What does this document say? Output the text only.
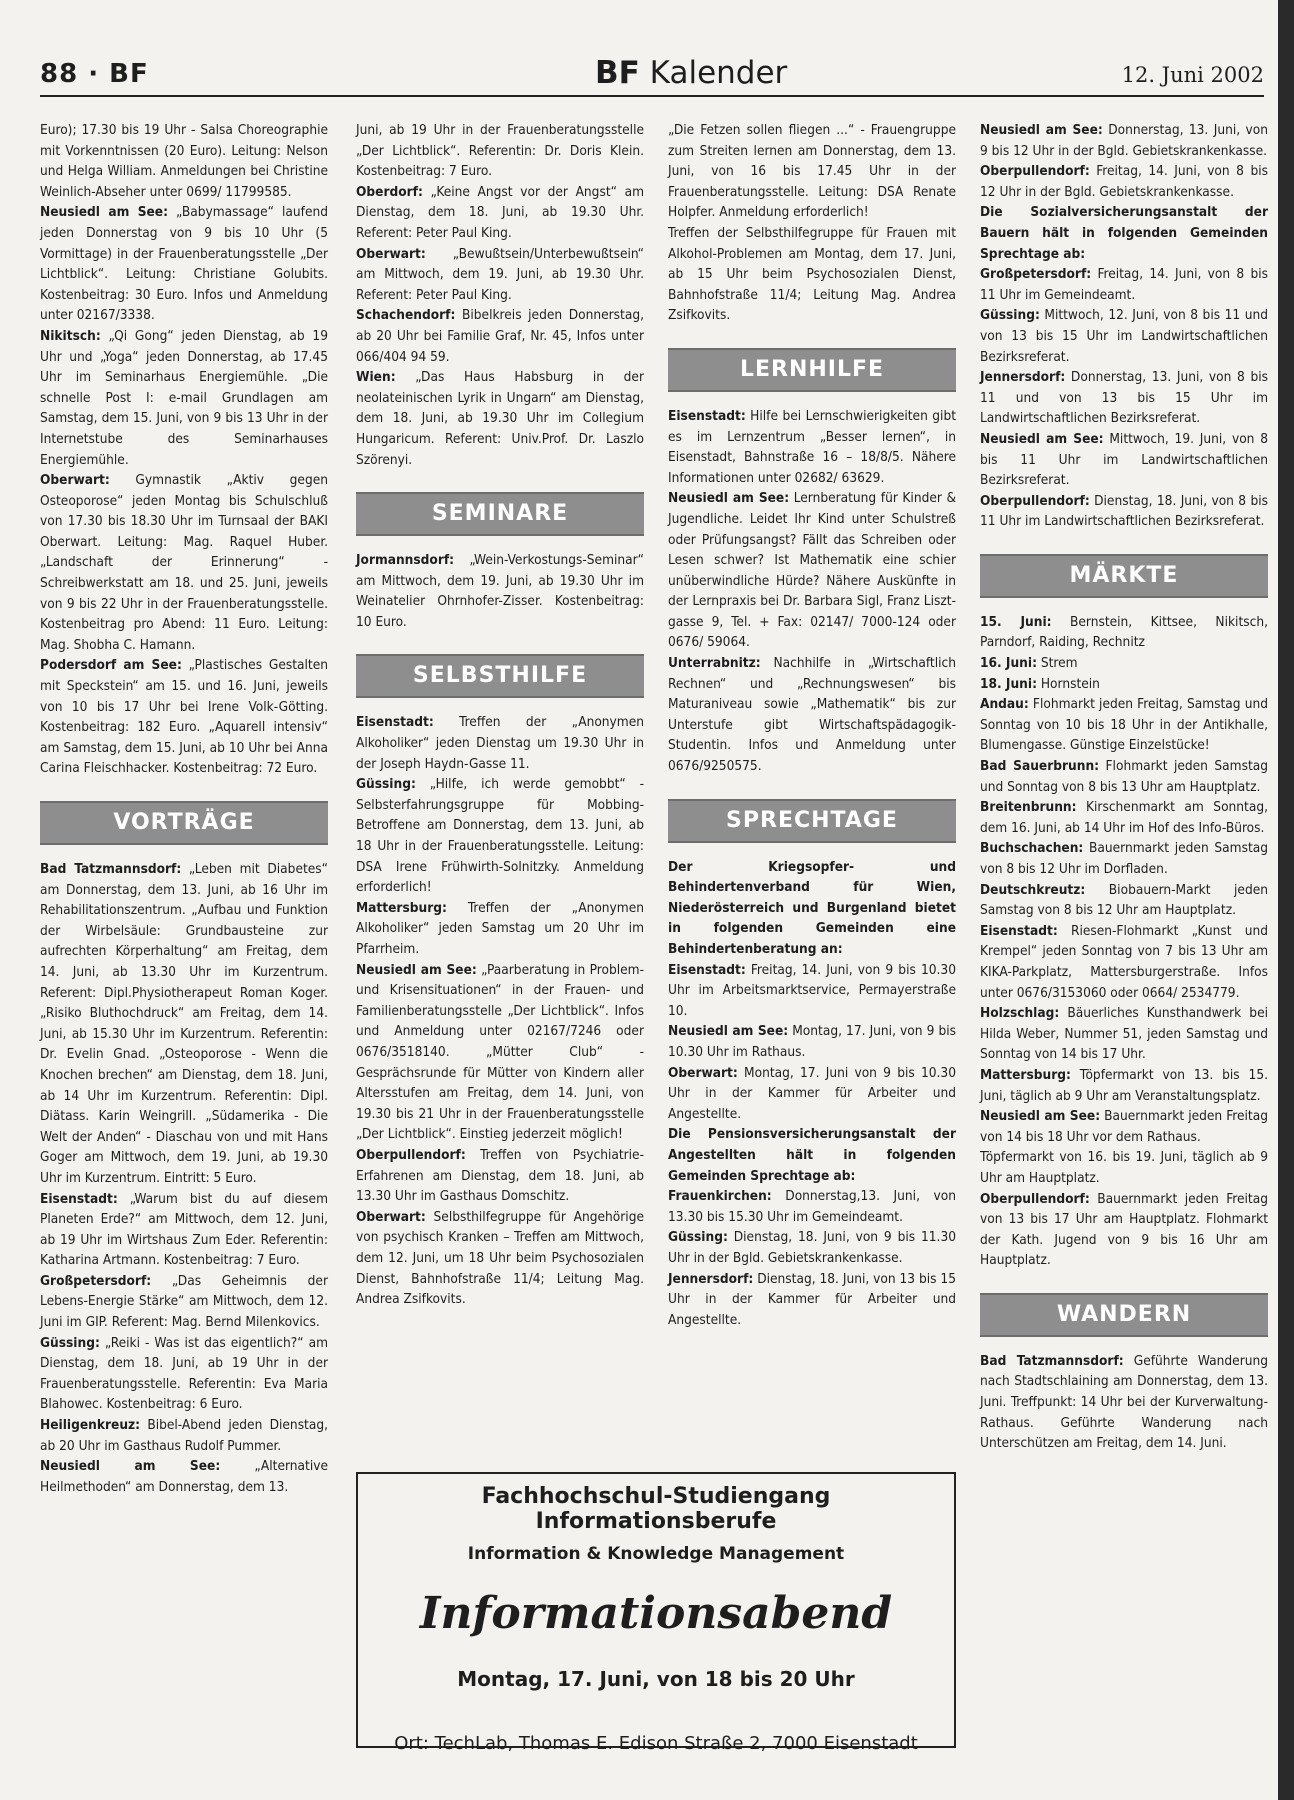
88 · BF	BF Kalender	12. Juni 2002

Euro); 17.30 bis 19 Uhr - Salsa Choreographie mit Vorkenntnissen (20 Euro). Leitung: Nelson und Helga William. Anmeldungen bei Christine Weinlich-Abseher unter 0699/ 11799585.

Neusiedl am See: „Babymassage“ laufend jeden Donnerstag von 9 bis 10 Uhr (5 Vormittage) in der Frauenberatungsstelle „Der Lichtblick“. Leitung: Christiane Golubits. Kostenbeitrag: 30 Euro. Infos und Anmeldung unter 02167/3338.

Nikitsch: „Qi Gong“ jeden Dienstag, ab 19 Uhr und „Yoga“ jeden Donnerstag, ab 17.45 Uhr im Seminarhaus Energiemühle. „Die schnelle Post I: e-mail Grundlagen am Samstag, dem 15. Juni, von 9 bis 13 Uhr in der Internetstube des Seminarhauses Energiemühle.

Oberwart: Gymnastik „Aktiv gegen Osteoporose“ jeden Montag bis Schulschluß von 17.30 bis 18.30 Uhr im Turnsaal der BAKI Oberwart. Leitung: Mag. Raquel Huber. „Landschaft der Erinnerung“ - Schreibwerkstatt am 18. und 25. Juni, jeweils von 9 bis 22 Uhr in der Frauenberatungsstelle. Kostenbeitrag pro Abend: 11 Euro. Leitung: Mag. Shobha C. Hamann.

Podersdorf am See: „Plastisches Gestalten mit Speckstein“ am 15. und 16. Juni, jeweils von 10 bis 17 Uhr bei Irene Volk-Götting. Kostenbeitrag: 182 Euro. „Aquarell intensiv“ am Samstag, dem 15. Juni, ab 10 Uhr bei Anna Carina Fleischhacker. Kostenbeitrag: 72 Euro.

VORTRÄGE

Bad Tatzmannsdorf: „Leben mit Diabetes“ am Donnerstag, dem 13. Juni, ab 16 Uhr im Rehabilitationszentrum. „Aufbau und Funktion der Wirbelsäule: Grundbausteine zur aufrechten Körperhaltung“ am Freitag, dem 14. Juni, ab 13.30 Uhr im Kurzentrum. Referent: Dipl.Physiotherapeut Roman Koger. „Risiko Bluthochdruck“ am Freitag, dem 14. Juni, ab 15.30 Uhr im Kurzentrum. Referentin: Dr. Evelin Gnad. „Osteoporose - Wenn die Knochen brechen“ am Dienstag, dem 18. Juni, ab 14 Uhr im Kurzentrum. Referentin: Dipl. Diätass. Karin Weingrill. „Südamerika - Die Welt der Anden“ - Diaschau von und mit Hans Goger am Mittwoch, dem 19. Juni, ab 19.30 Uhr im Kurzentrum. Eintritt: 5 Euro.

Eisenstadt: „Warum bist du auf diesem Planeten Erde?“ am Mittwoch, dem 12. Juni, ab 19 Uhr im Wirtshaus Zum Eder. Referentin: Katharina Artmann. Kostenbeitrag: 7 Euro.

Großpetersdorf: „Das Geheimnis der Lebens-Energie Stärke“ am Mittwoch, dem 12. Juni im GIP. Referent: Mag. Bernd Milenkovics.

Güssing: „Reiki - Was ist das eigentlich?“ am Dienstag, dem 18. Juni, ab 19 Uhr in der Frauenberatungsstelle. Referentin: Eva Maria Blahowec. Kostenbeitrag: 6 Euro.

Heiligenkreuz: Bibel-Abend jeden Dienstag, ab 20 Uhr im Gasthaus Rudolf Pummer.

Neusiedl am See: „Alternative Heilmethoden“ am Donnerstag, dem 13.

Juni, ab 19 Uhr in der Frauenberatungsstelle „Der Lichtblick“. Referentin: Dr. Doris Klein. Kostenbeitrag: 7 Euro.

Oberdorf: „Keine Angst vor der Angst“ am Dienstag, dem 18. Juni, ab 19.30 Uhr. Referent: Peter Paul King.

Oberwart: „Bewußtsein/Unterbewußtsein“ am Mittwoch, dem 19. Juni, ab 19.30 Uhr. Referent: Peter Paul King.

Schachendorf: Bibelkreis jeden Donnerstag, ab 20 Uhr bei Familie Graf, Nr. 45, Infos unter 066/404 94 59.

Wien: „Das Haus Habsburg in der neolateinischen Lyrik in Ungarn“ am Dienstag, dem 18. Juni, ab 19.30 Uhr im Collegium Hungaricum. Referent: Univ.Prof. Dr. Laszlo Szörenyi.

SEMINARE

Jormannsdorf: „Wein-Verkostungs-Seminar“ am Mittwoch, dem 19. Juni, ab 19.30 Uhr im Weinatelier Ohrnhofer-Zisser. Kostenbeitrag: 10 Euro.

SELBSTHILFE

Eisenstadt: Treffen der „Anonymen Alkoholiker“ jeden Dienstag um 19.30 Uhr in der Joseph Haydn-Gasse 11.

Güssing: „Hilfe, ich werde gemobbt“ - Selbsterfahrungsgruppe für Mobbing-Betroffene am Donnerstag, dem 13. Juni, ab 18 Uhr in der Frauenberatungsstelle. Leitung: DSA Irene Frühwirth-Solnitzky. Anmeldung erforderlich!

Mattersburg: Treffen der „Anonymen Alkoholiker“ jeden Samstag um 20 Uhr im Pfarrheim.

Neusiedl am See: „Paarberatung in Problem- und Krisensituationen“ in der Frauen- und Familienberatungsstelle „Der Lichtblick“. Infos und Anmeldung unter 02167/7246 oder 0676/3518140. „Mütter Club“ - Gesprächsrunde für Mütter von Kindern aller Altersstufen am Freitag, dem 14. Juni, von 19.30 bis 21 Uhr in der Frauenberatungsstelle „Der Lichtblick“. Einstieg jederzeit möglich!

Oberpullendorf: Treffen von Psychiatrie-Erfahrenen am Dienstag, dem 18. Juni, ab 13.30 Uhr im Gasthaus Domschitz.

Oberwart: Selbsthilfegruppe für Angehörige von psychisch Kranken – Treffen am Mittwoch, dem 12. Juni, um 18 Uhr beim Psychosozialen Dienst, Bahnhofstraße 11/4; Leitung Mag. Andrea Zsifkovits.

„Die Fetzen sollen fliegen ...“ - Frauengruppe zum Streiten lernen am Donnerstag, dem 13. Juni, von 16 bis 17.45 Uhr in der Frauenberatungsstelle. Leitung: DSA Renate Holpfer. Anmeldung erforderlich!

Treffen der Selbsthilfegruppe für Frauen mit Alkohol-Problemen am Montag, dem 17. Juni, ab 15 Uhr beim Psychosozialen Dienst, Bahnhofstraße 11/4; Leitung Mag. Andrea Zsifkovits.

LERNHILFE

Eisenstadt: Hilfe bei Lernschwierigkeiten gibt es im Lernzentrum „Besser lernen“, in Eisenstadt, Bahnstraße 16 – 18/8/5. Nähere Informationen unter 02682/ 63629.

Neusiedl am See: Lernberatung für Kinder & Jugendliche. Leidet Ihr Kind unter Schulstreß oder Prüfungsangst? Fällt das Schreiben oder Lesen schwer? Ist Mathematik eine schier unüberwindliche Hürde? Nähere Auskünfte in der Lernpraxis bei Dr. Barbara Sigl, Franz Lisztgasse 9, Tel. + Fax: 02147/ 7000-124 oder 0676/ 59064.

Unterrabnitz: Nachhilfe in „Wirtschaftlich Rechnen“ und „Rechnungswesen“ bis Maturaniveau sowie „Mathematik“ bis zur Unterstufe gibt Wirtschaftspädagogik-Studentin. Infos und Anmeldung unter 0676/9250575.

SPRECHTAGE

Der Kriegsopfer- und Behindertenverband für Wien, Niederösterreich und Burgenland bietet in folgenden Gemeinden eine Behindertenberatung an:

Eisenstadt: Freitag, 14. Juni, von 9 bis 10.30 Uhr im Arbeitsmarktservice, Permayerstraße 10.

Neusiedl am See: Montag, 17. Juni, von 9 bis 10.30 Uhr im Rathaus.

Oberwart: Montag, 17. Juni von 9 bis 10.30 Uhr in der Kammer für Arbeiter und Angestellte.

Die Pensionsversicherungsanstalt der Angestellten hält in folgenden Gemeinden Sprechtage ab:

Frauenkirchen: Donnerstag,13. Juni, von 13.30 bis 15.30 Uhr im Gemeindeamt.

Güssing: Dienstag, 18. Juni, von 9 bis 11.30 Uhr in der Bgld. Gebietskrankenkasse.

Jennersdorf: Dienstag, 18. Juni, von 13 bis 15 Uhr in der Kammer für Arbeiter und Angestellte.

Neusiedl am See: Donnerstag, 13. Juni, von 9 bis 12 Uhr in der Bgld. Gebietskrankenkasse.

Oberpullendorf: Freitag, 14. Juni, von 8 bis 12 Uhr in der Bgld. Gebietskrankenkasse.

Die Sozialversicherungsanstalt der Bauern hält in folgenden Gemeinden Sprechtage ab:

Großpetersdorf: Freitag, 14. Juni, von 8 bis 11 Uhr im Gemeindeamt.

Güssing: Mittwoch, 12. Juni, von 8 bis 11 und von 13 bis 15 Uhr im Landwirtschaftlichen Bezirksreferat.

Jennersdorf: Donnerstag, 13. Juni, von 8 bis 11 und von 13 bis 15 Uhr im Landwirtschaftlichen Bezirksreferat.

Neusiedl am See: Mittwoch, 19. Juni, von 8 bis 11 Uhr im Landwirtschaftlichen Bezirksreferat.

Oberpullendorf: Dienstag, 18. Juni, von 8 bis 11 Uhr im Landwirtschaftlichen Bezirksreferat.

MÄRKTE

15. Juni: Bernstein, Kittsee, Nikitsch, Parndorf, Raiding, Rechnitz

16. Juni: Strem

18. Juni: Hornstein

Andau: Flohmarkt jeden Freitag, Samstag und Sonntag von 10 bis 18 Uhr in der Antikhalle, Blumengasse. Günstige Einzelstücke!

Bad Sauerbrunn: Flohmarkt jeden Samstag und Sonntag von 8 bis 13 Uhr am Hauptplatz.

Breitenbrunn: Kirschenmarkt am Sonntag, dem 16. Juni, ab 14 Uhr im Hof des Info-Büros.

Buchschachen: Bauernmarkt jeden Samstag von 8 bis 12 Uhr im Dorfladen.

Deutschkreutz: Biobauern-Markt jeden Samstag von 8 bis 12 Uhr am Hauptplatz.

Eisenstadt: Riesen-Flohmarkt „Kunst und Krempel“ jeden Sonntag von 7 bis 13 Uhr am KIKA-Parkplatz, Mattersburgerstraße. Infos unter 0676/3153060 oder 0664/ 2534779.

Holzschlag: Bäuerliches Kunsthandwerk bei Hilda Weber, Nummer 51, jeden Samstag und Sonntag von 14 bis 17 Uhr.

Mattersburg: Töpfermarkt von 13. bis 15. Juni, täglich ab 9 Uhr am Veranstaltungsplatz.

Neusiedl am See: Bauernmarkt jeden Freitag von 14 bis 18 Uhr vor dem Rathaus.

Töpfermarkt von 16. bis 19. Juni, täglich ab 9 Uhr am Hauptplatz.

Oberpullendorf: Bauernmarkt jeden Freitag von 13 bis 17 Uhr am Hauptplatz. Flohmarkt der Kath. Jugend von 9 bis 16 Uhr am Hauptplatz.

WANDERN

Bad Tatzmannsdorf: Geführte Wanderung nach Stadtschlaining am Donnerstag, dem 13. Juni. Treffpunkt: 14 Uhr bei der Kurverwaltung-Rathaus. Geführte Wanderung nach Unterschützen am Freitag, dem 14. Juni.

Fachhochschul-Studiengang Informationsberufe
Information & Knowledge Management
Informationsabend
Montag, 17. Juni, von 18 bis 20 Uhr
Ort: TechLab, Thomas E. Edison Straße 2, 7000 Eisenstadt
